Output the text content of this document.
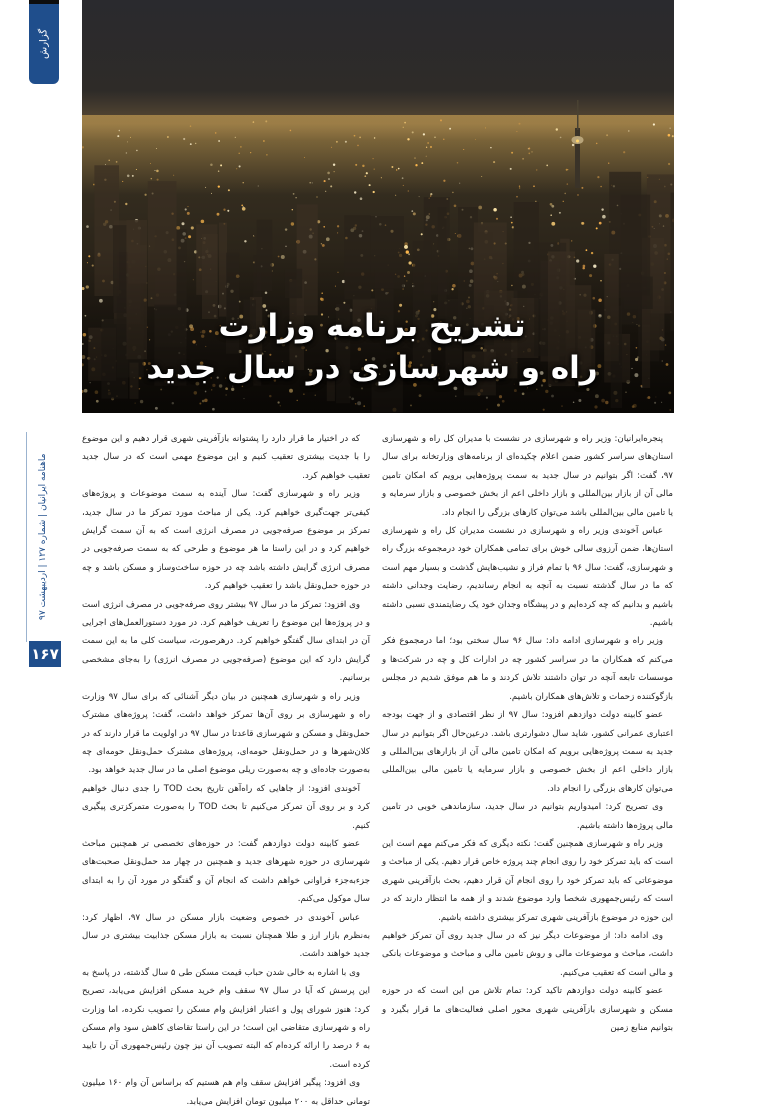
گزارش
تشریح برنامه وزارت
راه و شهرسازی در سال جدید
ماهنامه ایرانیان | شماره ۱۲۷ | اردیبهشت ۹۷
۱۶۷

پنجره‌ایرانیان: وزیر راه و شهرسازی در نشست با مدیران کل راه و شهرسازی استان‌های سراسر کشور ضمن اعلام چکیده‌ای از برنامه‌های وزارتخانه برای سال ۹۷، گفت: اگر بتوانیم در سال جدید به سمت پروژه‌هایی برویم که امکان تامین مالی آن از بازار بین‌المللی و بازار داخلی اعم از بخش خصوصی و بازار سرمایه و یا تامین مالی بین‌المللی باشد می‌توان کارهای بزرگی را انجام داد.

عباس آخوندی وزیر راه و شهرسازی در نشست مدیران کل راه و شهرسازی استان‌ها، ضمن آرزوی سالی خوش برای تمامی همکاران خود درمجموعه بزرگ راه و شهرسازی، گفت: سال ۹۶ با تمام فراز و نشیب‌هایش گذشت و بسیار مهم است که ما در سال گذشته نسبت به آنچه به انجام رساندیم، رضایت وجدانی داشته باشیم و بدانیم که چه کرده‌ایم و در پیشگاه وجدان خود یک رضایتمندی نسبی داشته باشیم.

وزیر راه و شهرسازی ادامه داد: سال ۹۶ سال سختی بود؛ اما درمجموع فکر می‌کنم که همکاران ما در سراسر کشور چه در ادارات کل و چه در شرکت‌ها و موسسات تابعه آنچه در توان داشتند تلاش کردند و ما هم موفق شدیم در مجلس بازگوکننده زحمات و تلاش‌های همکاران باشیم.

عضو کابینه دولت دوازدهم افزود: سال ۹۷ از نظر اقتصادی و از جهت بودجه اعتباری عمرانی کشور، شاید سال دشوارتری باشد. درعین‌حال اگر بتوانیم در سال جدید به سمت پروژه‌هایی برویم که امکان تامین مالی آن از بازارهای بین‌المللی و بازار داخلی اعم از بخش خصوصی و بازار سرمایه یا تامین مالی بین‌المللی می‌توان کارهای بزرگی را انجام داد.

وی تصریح کرد: امیدواریم بتوانیم در سال جدید، سازماندهی خوبی در تامین مالی پروژه‌ها داشته باشیم.

وزیر راه و شهرسازی همچنین گفت: نکته دیگری که فکر می‌کنم مهم است این است که باید تمرکز خود را روی انجام چند پروژه خاص قرار دهیم. یکی از مباحث و موضوعاتی که باید تمرکز خود را روی انجام آن قرار دهیم، بحث بازآفرینی شهری است که رئیس‌جمهوری شخصا وارد موضوع شدند و از همه ما انتظار دارند که در این حوزه در موضوع بازآفرینی شهری تمرکز بیشتری داشته باشیم.

وی ادامه داد: از موضوعات دیگر نیز که در سال جدید روی آن تمرکز خواهیم داشت، مباحث و موضوعات مالی و روش تامین مالی و مباحث و موضوعات بانکی و مالی است که تعقیب می‌کنیم.

عضو کابینه دولت دوازدهم تاکید کرد: تمام تلاش من این است که در حوزه مسکن و شهرسازی بازآفرینی شهری محور اصلی فعالیت‌های ما قرار بگیرد و بتوانیم منابع زمین

که در اختیار ما قرار دارد را پشتوانه بازآفرینی شهری قرار دهیم و این موضوع را با جدیت بیشتری تعقیب کنیم و این موضوع مهمی است که در سال جدید تعقیب خواهیم کرد.

وزیر راه و شهرسازی گفت: سال آینده به سمت موضوعات و پروژه‌های کیفی‌تر جهت‌گیری خواهیم کرد. یکی از مباحث مورد تمرکز ما در سال جدید، تمرکز بر موضوع صرفه‌جویی در مصرف انرژی است که به آن سمت گرایش خواهیم کرد و در این راستا ما هر موضوع و طرحی که به سمت صرفه‌جویی در مصرف انرژی گرایش داشته باشد چه در حوزه ساخت‌وساز و مسکن باشد و چه در حوزه حمل‌ونقل باشد را تعقیب خواهیم کرد.

وی افزود: تمرکز ما در سال ۹۷ بیشتر روی صرفه‌جویی در مصرف انرژی است و در پروژه‌ها این موضوع را تعریف خواهیم کرد. در مورد دستورالعمل‌های اجرایی آن در ابتدای سال گفتگو خواهیم کرد. درهرصورت، سیاست کلی ما به این سمت گرایش دارد که این موضوع (صرفه‌جویی در مصرف انرژی) را به‌جای مشخصی برسانیم.

وزیر راه و شهرسازی همچنین در بیان دیگر آشنائی که برای سال ۹۷ وزارت راه و شهرسازی بر روی آن‌ها تمرکز خواهد داشت، گفت: پروژه‌های مشترک حمل‌ونقل و مسکن و شهرسازی قاعدتا در سال ۹۷ در اولویت ما قرار دارند که در کلان‌شهرها و در حمل‌ونقل حومه‌ای، پروژه‌های مشترک حمل‌ونقل حومه‌ای چه به‌صورت جاده‌ای و چه به‌صورت ریلی موضوع اصلی ما در سال جدید خواهد بود.

آخوندی افزود: از جاهایی که راه‌آهن تاریخ بحث TOD را جدی دنبال خواهیم کرد و بر روی آن تمرکز می‌کنیم تا بحث TOD را به‌صورت متمرکزتری پیگیری کنیم.

عضو کابینه دولت دوازدهم گفت: در حوزه‌های تخصصی تر همچنین مباحث شهرسازی در حوزه شهرهای جدید و همچنین در چهار مد حمل‌ونقل صحبت‌های جزءبه‌جزء فراوانی خواهم داشت که انجام آن و گفتگو در مورد آن را به ابتدای سال موکول می‌کنم.

عباس آخوندی در خصوص وضعیت بازار مسکن در سال ۹۷، اظهار کرد: به‌نظرم بازار ارز و طلا همچنان نسبت به بازار مسکن جذابیت بیشتری در سال جدید خواهند داشت.

وی با اشاره به خالی شدن حباب قیمت مسکن طی ۵ سال گذشته، در پاسخ به این پرسش که آیا در سال ۹۷ سقف وام خرید مسکن افزایش می‌یابد، تصریح کرد: هنوز شورای پول و اعتبار افزایش وام مسکن را تصویب نکرده، اما وزارت راه و شهرسازی متقاضی این است؛ در این راستا تقاضای کاهش سود وام مسکن به ۶ درصد را ارائه کرده‌ام که البته تصویب آن نیز چون رئیس‌جمهوری آن را تایید کرده است.

وی افزود: پیگیر افزایش سقف وام هم هستیم که براساس آن وام ۱۶۰ میلیون تومانی حداقل به ۲۰۰ میلیون تومان افزایش می‌یابد.
